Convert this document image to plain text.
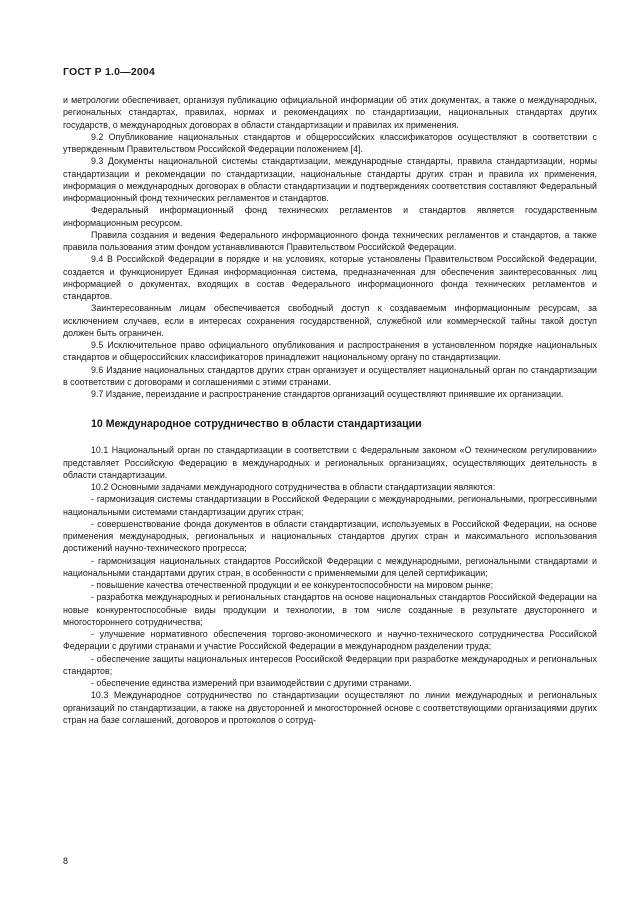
ГОСТ Р 1.0—2004

и метрологии обеспечивает, организуя публикацию официальной информации об этих документах, а также о международных, региональных стандартах, правилах, нормах и рекомендациях по стандартизации, национальных стандартах других государств, о международных договорах в области стандартизации и правилах их применения.

9.2 Опубликование национальных стандартов и общероссийских классификаторов осуществляют в соответствии с утвержденным Правительством Российской Федерации положением [4].

9.3 Документы национальной системы стандартизации, международные стандарты, правила стандартизации, нормы стандартизации и рекомендации по стандартизации, национальные стандарты других стран и правила их применения, информация о международных договорах в области стандартизации и подтверждениях соответствия составляют Федеральный информационный фонд технических регламентов и стандартов.

Федеральный информационный фонд технических регламентов и стандартов является государственным информационным ресурсом.

Правила создания и ведения Федерального информационного фонда технических регламентов и стандартов, а также правила пользования этим фондом устанавливаются Правительством Российской Федерации.

9.4 В Российской Федерации в порядке и на условиях, которые установлены Правительством Российской Федерации, создается и функционирует Единая информационная система, предназначенная для обеспечения заинтересованных лиц информацией о документах, входящих в состав Федерального информационного фонда технических регламентов и стандартов.

Заинтересованным лицам обеспечивается свободный доступ к создаваемым информационным ресурсам, за исключением случаев, если в интересах сохранения государственной, служебной или коммерческой тайны такой доступ должен быть ограничен.

9.5 Исключительное право официального опубликования и распространения в установленном порядке национальных стандартов и общероссийских классификаторов принадлежит национальному органу по стандартизации.

9.6 Издание национальных стандартов других стран организует и осуществляет национальный орган по стандартизации в соответствии с договорами и соглашениями с этими странами.

9.7 Издание, переиздание и распространение стандартов организаций осуществляют принявшие их организации.

10 Международное сотрудничество в области стандартизации

10.1 Национальный орган по стандартизации в соответствии с Федеральным законом «О техническом регулировании» представляет Российскую Федерацию в международных и региональных организациях, осуществляющих деятельность в области стандартизации.

10.2 Основными задачами международного сотрудничества в области стандартизации являются:

- гармонизация системы стандартизации в Российской Федерации с международными, региональными, прогрессивными национальными системами стандартизации других стран;

- совершенствование фонда документов в области стандартизации, используемых в Российской Федерации, на основе применения международных, региональных и национальных стандартов других стран и максимального использования достижений научно-технического прогресса;

- гармонизация национальных стандартов Российской Федерации с международными, региональными стандартами и национальными стандартами других стран, в особенности с применяемыми для целей сертификации;

- повышение качества отечественной продукции и ее конкурентоспособности на мировом рынке;

- разработка международных и региональных стандартов на основе национальных стандартов Российской Федерации на новые конкурентоспособные виды продукции и технологии, в том числе созданные в результате двустороннего и многостороннего сотрудничества;

- улучшение нормативного обеспечения торгово-экономического и научно-технического сотрудничества Российской Федерации с другими странами и участие Российской Федерации в международном разделении труда;

- обеспечение защиты национальных интересов Российской Федерации при разработке международных и региональных стандартов;

- обеспечение единства измерений при взаимодействии с другими странами.

10.3 Международное сотрудничество по стандартизации осуществляют по линии международных и региональных организаций по стандартизации, а также на двусторонней и многосторонней основе с соответствующими организациями других стран на базе соглашений, договоров и протоколов о сотруд-

8
